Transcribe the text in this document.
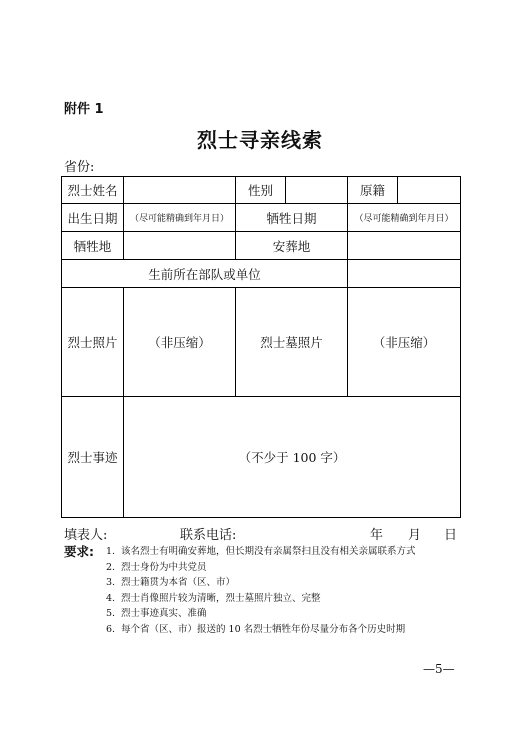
附件 1
烈士寻亲线索
省份:
烈士姓名		性别		原籍	
出生日期	（尽可能精确到年月日）	牺牲日期		（尽可能精确到年月日）	
牺牲地		安葬地			
生前所在部队或单位					
烈士照片	（非压缩）	烈士墓照片		（非压缩）	
烈士事迹	（不少于 100 字）				
填表人:	联系电话:	年 月 日
要求: 1. 该名烈士有明确安葬地，但长期没有亲属祭扫且没有相关亲属联系方式
2. 烈士身份为中共党员
3. 烈士籍贯为本省（区、市）
4. 烈士肖像照片较为清晰，烈士墓照片独立、完整
5. 烈士事迹真实、准确
6. 每个省（区、市）报送的 10 名烈士牺牲年份尽量分布各个历史时期
—5—
